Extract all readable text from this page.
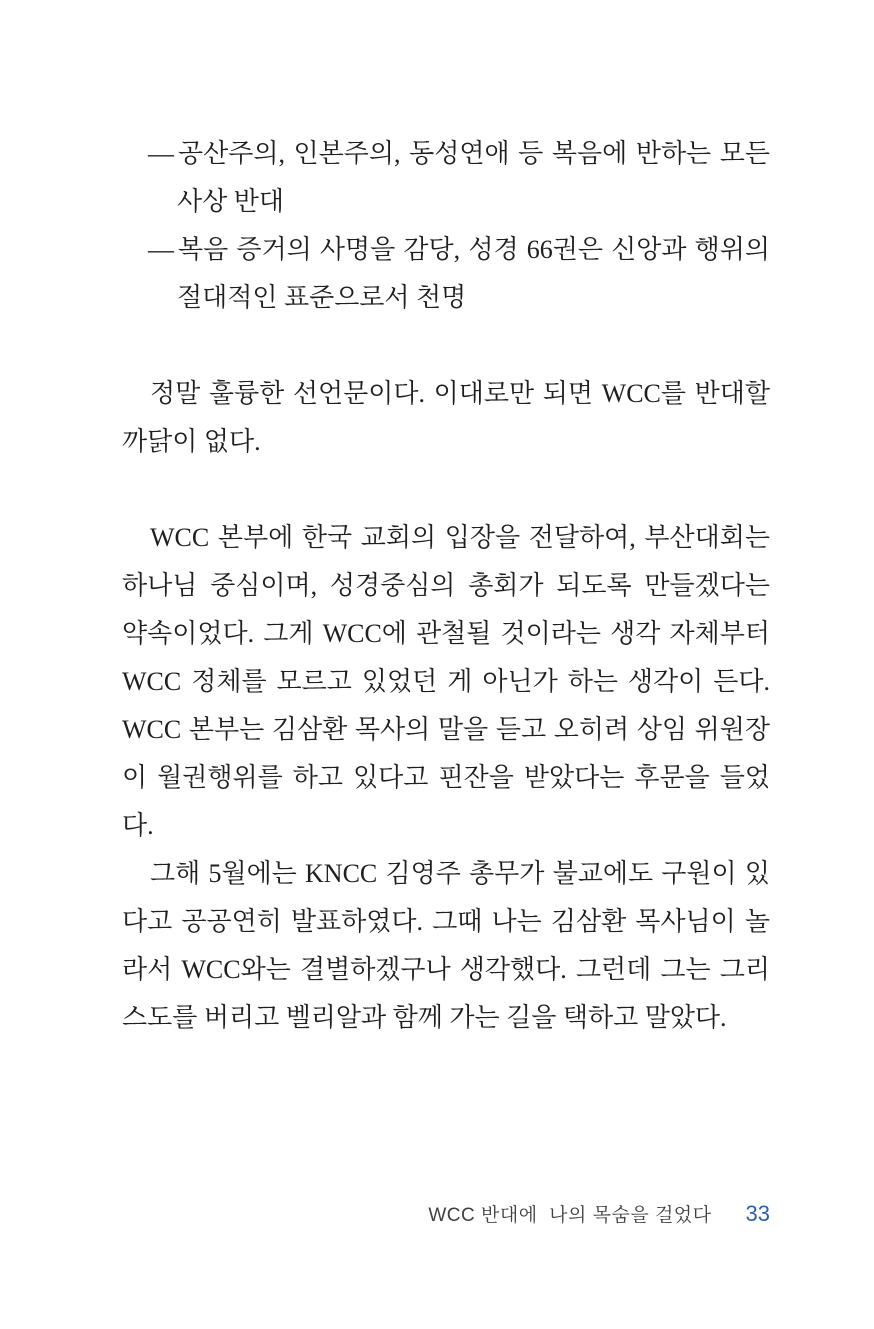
— 공산주의, 인본주의, 동성연애 등 복음에 반하는 모든 사상 반대
— 복음 증거의 사명을 감당, 성경 66권은 신앙과 행위의 절대적인 표준으로서 천명

정말 훌륭한 선언문이다. 이대로만 되면 WCC를 반대할 까닭이 없다.

WCC 본부에 한국 교회의 입장을 전달하여, 부산대회는 하나님 중심이며, 성경중심의 총회가 되도록 만들겠다는 약속이었다. 그게 WCC에 관철될 것이라는 생각 자체부터 WCC 정체를 모르고 있었던 게 아닌가 하는 생각이 든다. WCC 본부는 김삼환 목사의 말을 듣고 오히려 상임 위원장이 월권행위를 하고 있다고 핀잔을 받았다는 후문을 들었다.

그해 5월에는 KNCC 김영주 총무가 불교에도 구원이 있다고 공공연히 발표하였다. 그때 나는 김삼환 목사님이 놀라서 WCC와는 결별하겠구나 생각했다. 그런데 그는 그리스도를 버리고 벨리알과 함께 가는 길을 택하고 말았다.

WCC 반대에  나의 목숨을 걸었다 33
